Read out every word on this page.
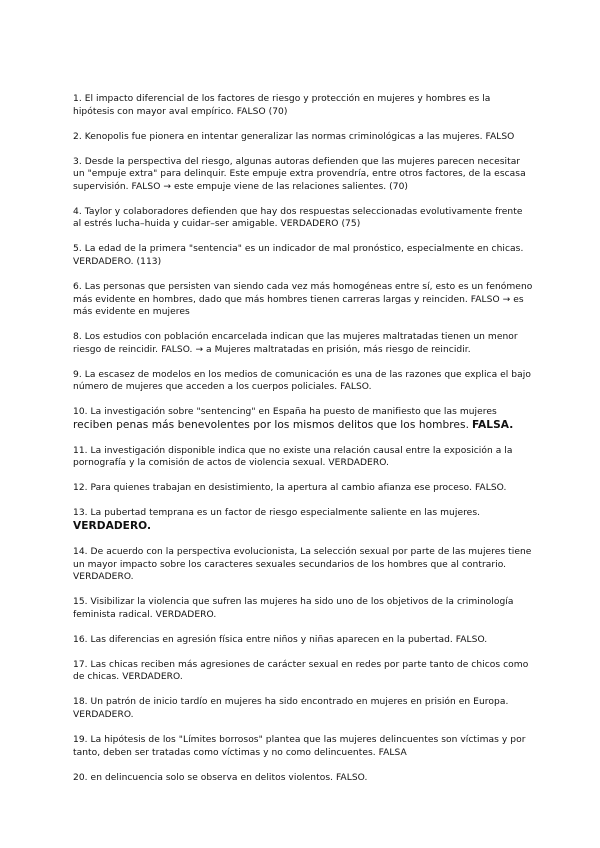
1. El impacto diferencial de los factores de riesgo y protección en mujeres y hombres es la hipótesis con mayor aval empírico. FALSO (70)

2. Kenopolis fue pionera en intentar generalizar las normas criminológicas a las mujeres. FALSO

3. Desde la perspectiva del riesgo, algunas autoras defienden que las mujeres parecen necesitar un "empuje extra" para delinquir. Este empuje extra provendría, entre otros factores, de la escasa supervisión. FALSO → este empuje viene de las relaciones salientes. (70)

4. Taylor y colaboradores defienden que hay dos respuestas seleccionadas evolutivamente frente al estrés lucha–huida y cuidar–ser amigable. VERDADERO (75)

5. La edad de la primera "sentencia" es un indicador de mal pronóstico, especialmente en chicas. VERDADERO. (113)

6. Las personas que persisten van siendo cada vez más homogéneas entre sí, esto es un fenómeno más evidente en hombres, dado que más hombres tienen carreras largas y reinciden. FALSO → es más evidente en mujeres

8. Los estudios con población encarcelada indican que las mujeres maltratadas tienen un menor riesgo de reincidir. FALSO. → a Mujeres maltratadas en prisión, más riesgo de reincidir.

9. La escasez de modelos en los medios de comunicación es una de las razones que explica el bajo número de mujeres que acceden a los cuerpos policiales. FALSO.

10. La investigación sobre "sentencing" en España ha puesto de manifiesto que las mujeres
reciben penas más benevolentes por los mismos delitos que los hombres. FALSA.

11. La investigación disponible indica que no existe una relación causal entre la exposición a la pornografía y la comisión de actos de violencia sexual. VERDADERO.

12. Para quienes trabajan en desistimiento, la apertura al cambio afianza ese proceso. FALSO.

13. La pubertad temprana es un factor de riesgo especialmente saliente en las mujeres.
VERDADERO.

14. De acuerdo con la perspectiva evolucionista, La selección sexual por parte de las mujeres tiene un mayor impacto sobre los caracteres sexuales secundarios de los hombres que al contrario. VERDADERO.

15. Visibilizar la violencia que sufren las mujeres ha sido uno de los objetivos de la criminología feminista radical. VERDADERO.

16. Las diferencias en agresión física entre niños y niñas aparecen en la pubertad. FALSO.

17. Las chicas reciben más agresiones de carácter sexual en redes por parte tanto de chicos como de chicas. VERDADERO.

18. Un patrón de inicio tardío en mujeres ha sido encontrado en mujeres en prisión en Europa. VERDADERO.

19. La hipótesis de los "Límites borrosos" plantea que las mujeres delincuentes son víctimas y por tanto, deben ser tratadas como víctimas y no como delincuentes. FALSA

20. en delincuencia solo se observa en delitos violentos. FALSO.
